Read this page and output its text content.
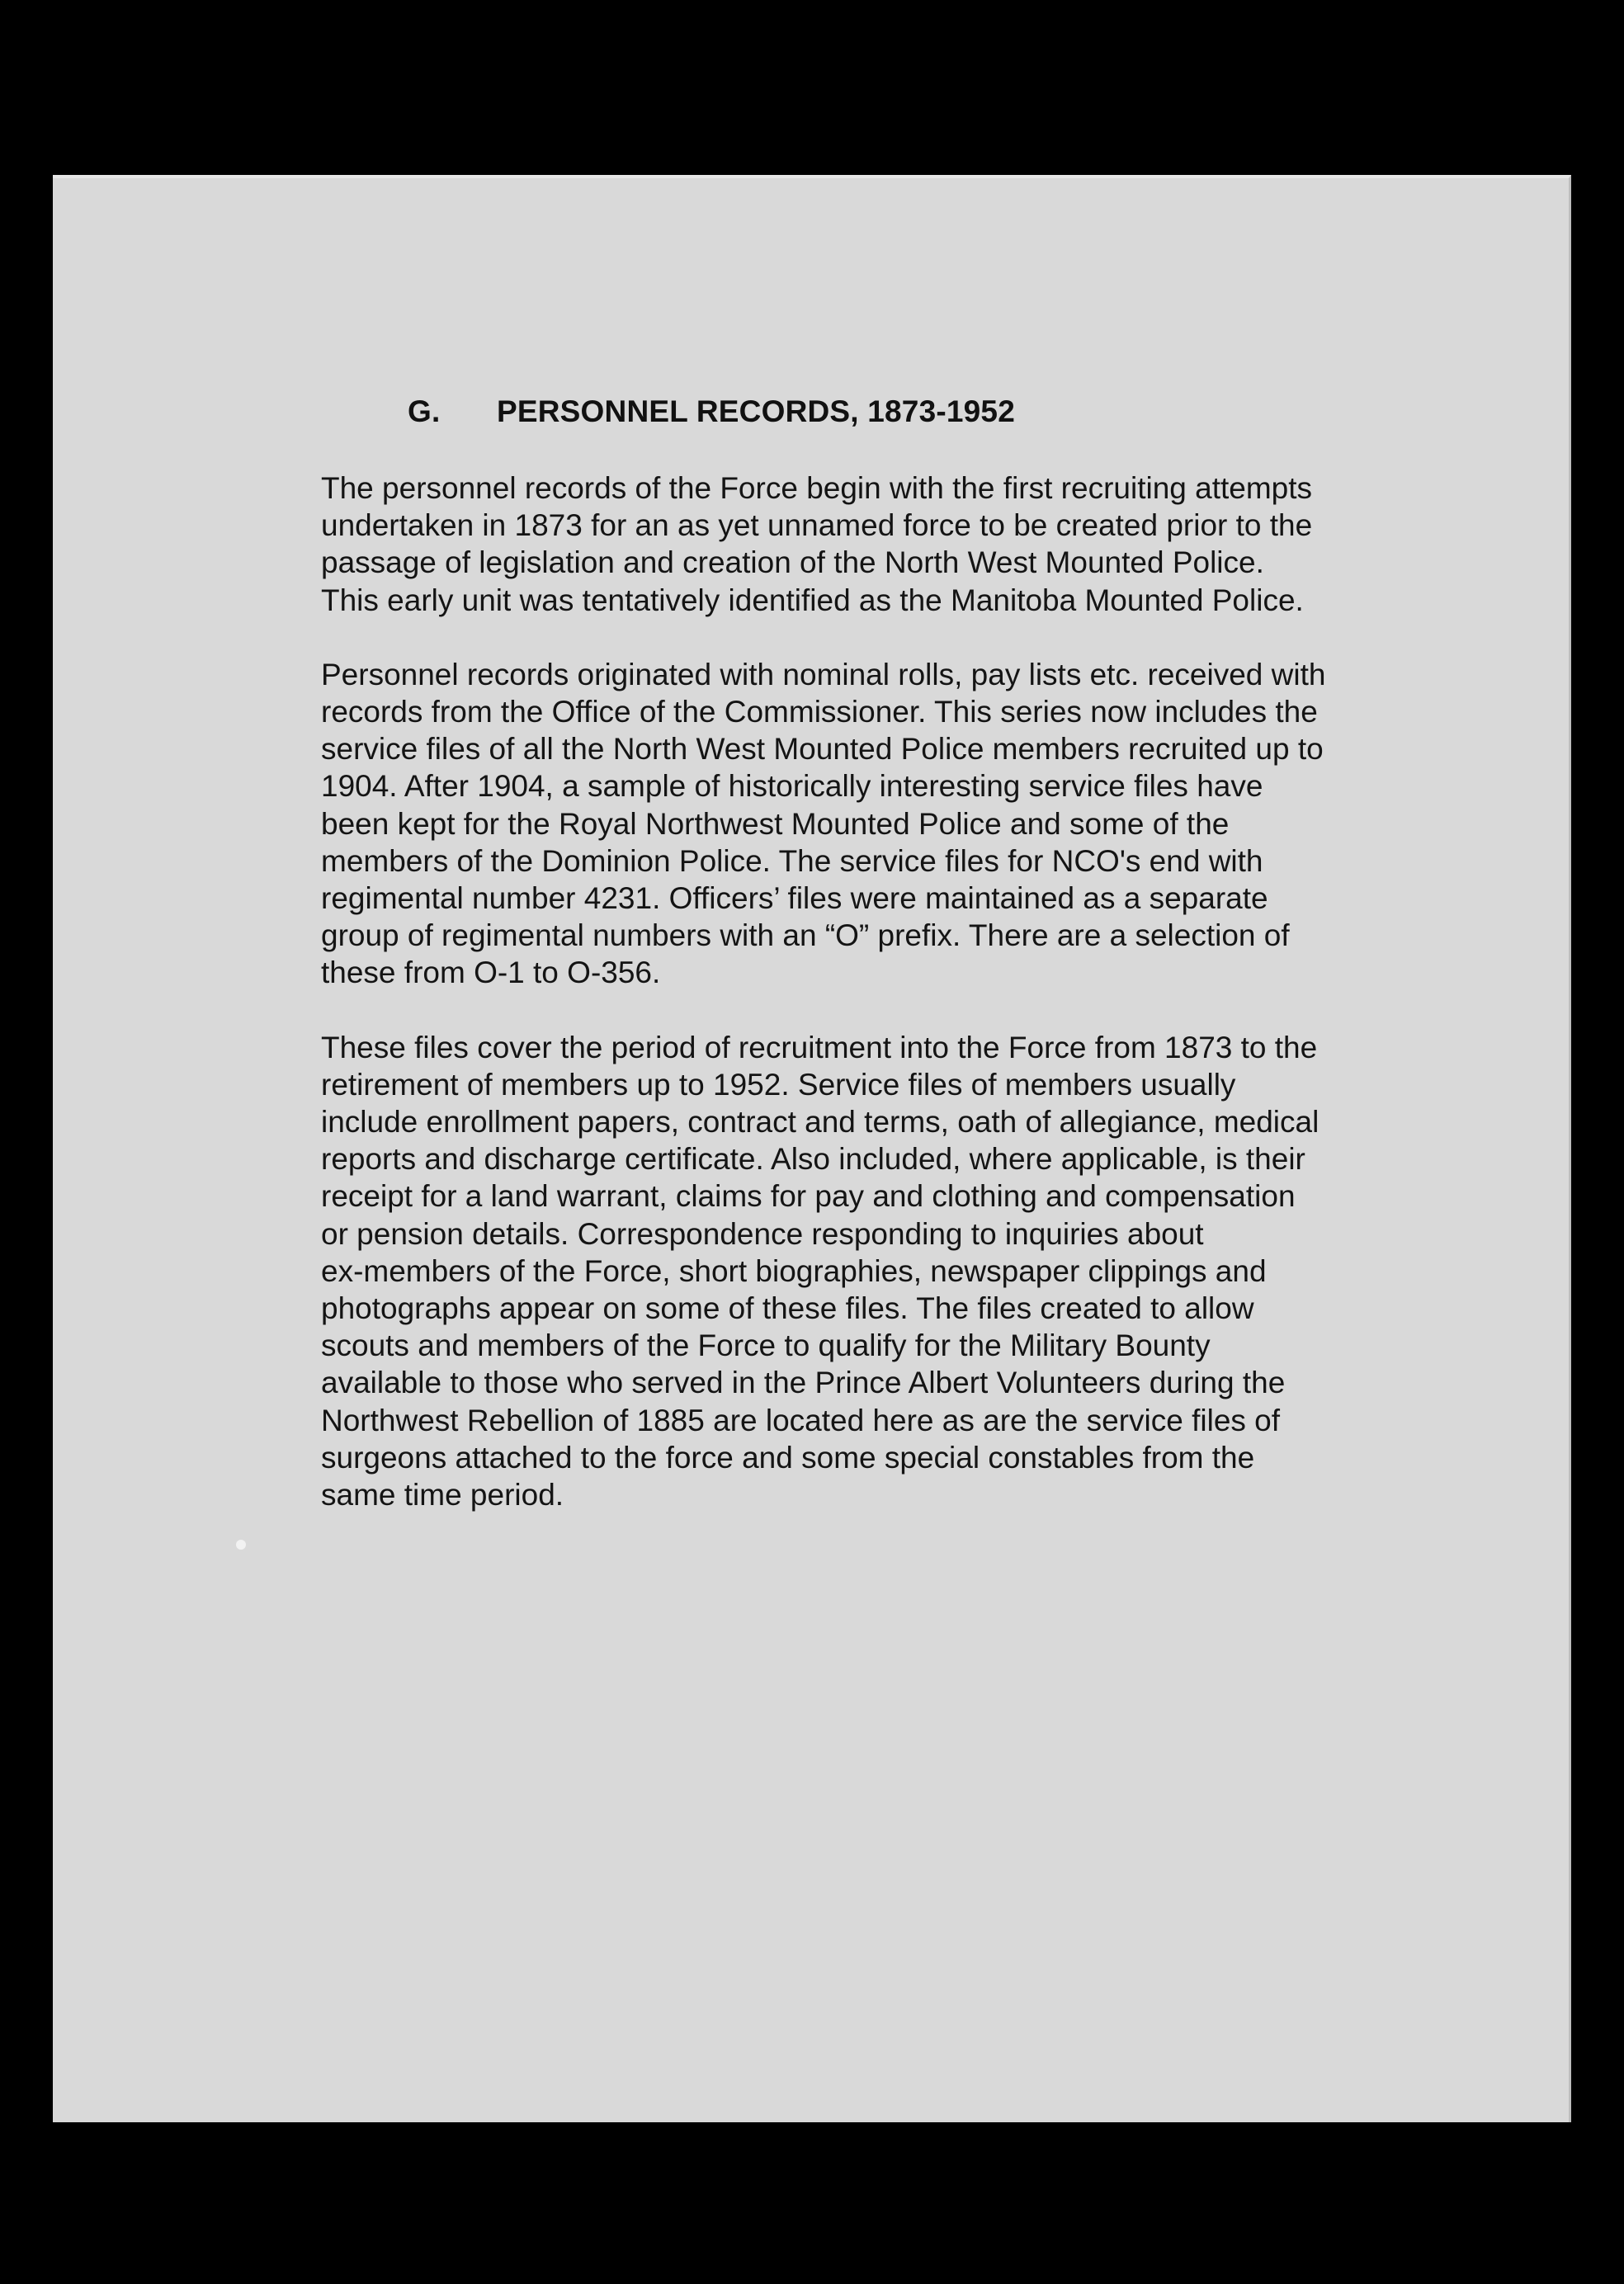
G. PERSONNEL RECORDS, 1873-1952

The personnel records of the Force begin with the first recruiting attempts
undertaken in 1873 for an as yet unnamed force to be created prior to the
passage of legislation and creation of the North West Mounted Police.
This early unit was tentatively identified as the Manitoba Mounted Police.

Personnel records originated with nominal rolls, pay lists etc. received with
records from the Office of the Commissioner. This series now includes the
service files of all the North West Mounted Police members recruited up to
1904. After 1904, a sample of historically interesting service files have
been kept for the Royal Northwest Mounted Police and some of the
members of the Dominion Police. The service files for NCO's end with
regimental number 4231. Officers’ files were maintained as a separate
group of regimental numbers with an “O” prefix. There are a selection of
these from O-1 to O-356.

These files cover the period of recruitment into the Force from 1873 to the
retirement of members up to 1952. Service files of members usually
include enrollment papers, contract and terms, oath of allegiance, medical
reports and discharge certificate. Also included, where applicable, is their
receipt for a land warrant, claims for pay and clothing and compensation
or pension details. Correspondence responding to inquiries about
ex-members of the Force, short biographies, newspaper clippings and
photographs appear on some of these files. The files created to allow
scouts and members of the Force to qualify for the Military Bounty
available to those who served in the Prince Albert Volunteers during the
Northwest Rebellion of 1885 are located here as are the service files of
surgeons attached to the force and some special constables from the
same time period.
